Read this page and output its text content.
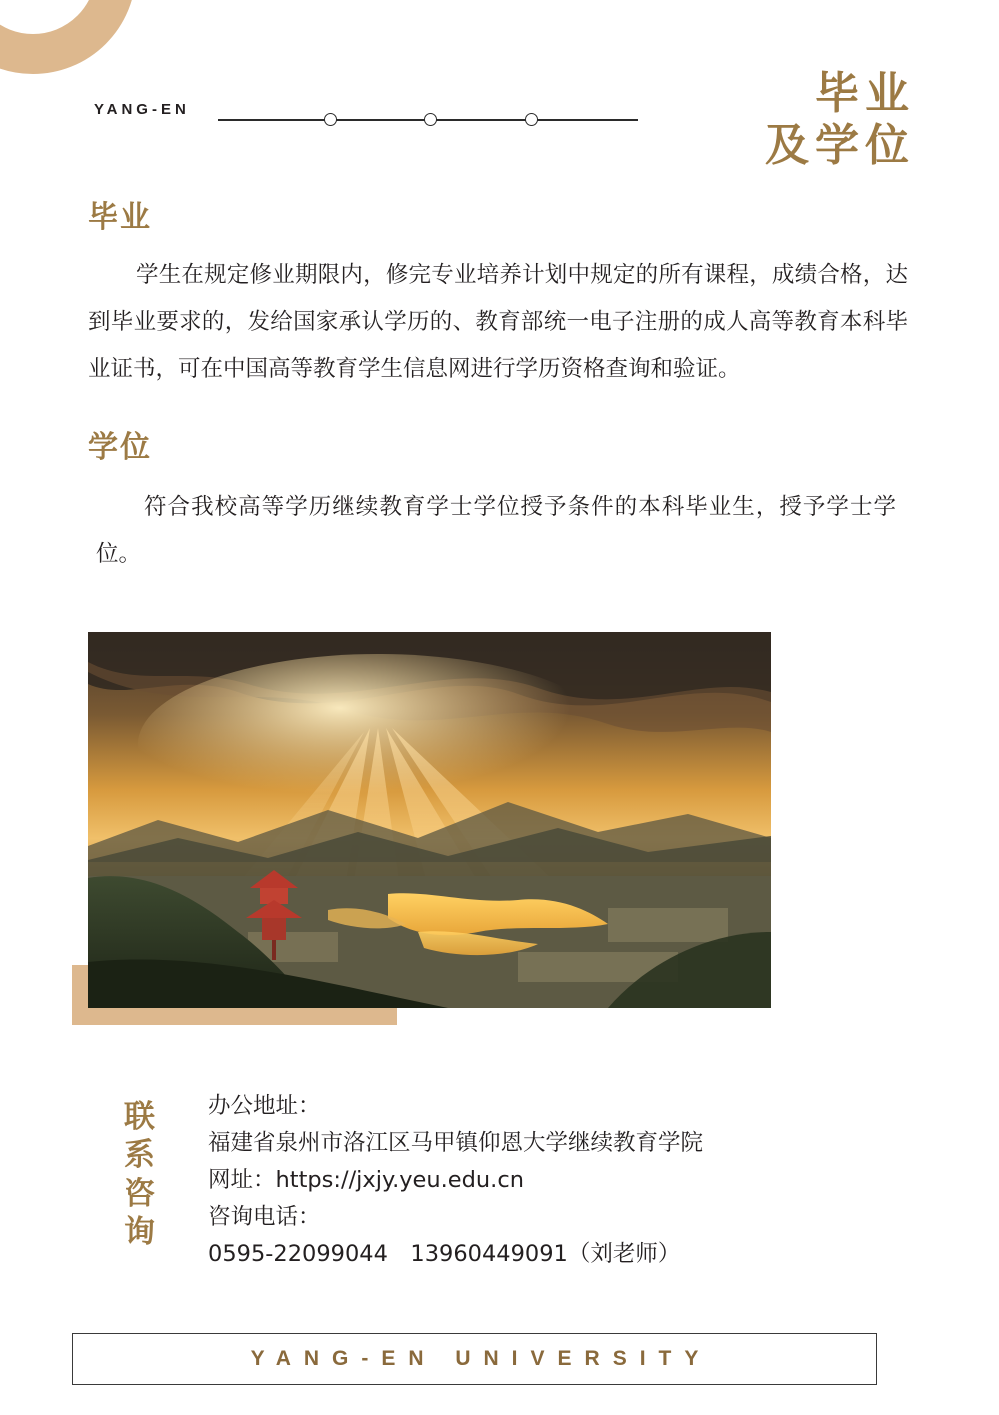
YANG-EN	毕业
及学位
毕业
学生在规定修业期限内，修完专业培养计划中规定的所有课程，成绩合格，达到毕业要求的，发给国家承认学历的、教育部统一电子注册的成人高等教育本科毕业证书，可在中国高等教育学生信息网进行学历资格查询和验证。
学位
符合我校高等学历继续教育学士学位授予条件的本科毕业生，授予学士学位。
联
系
咨
询
办公地址：
福建省泉州市洛江区马甲镇仰恩大学继续教育学院
网址：https://jxjy.yeu.edu.cn
咨询电话：
0595-22099044　13960449091（刘老师）
YANG-EN UNIVERSITY
